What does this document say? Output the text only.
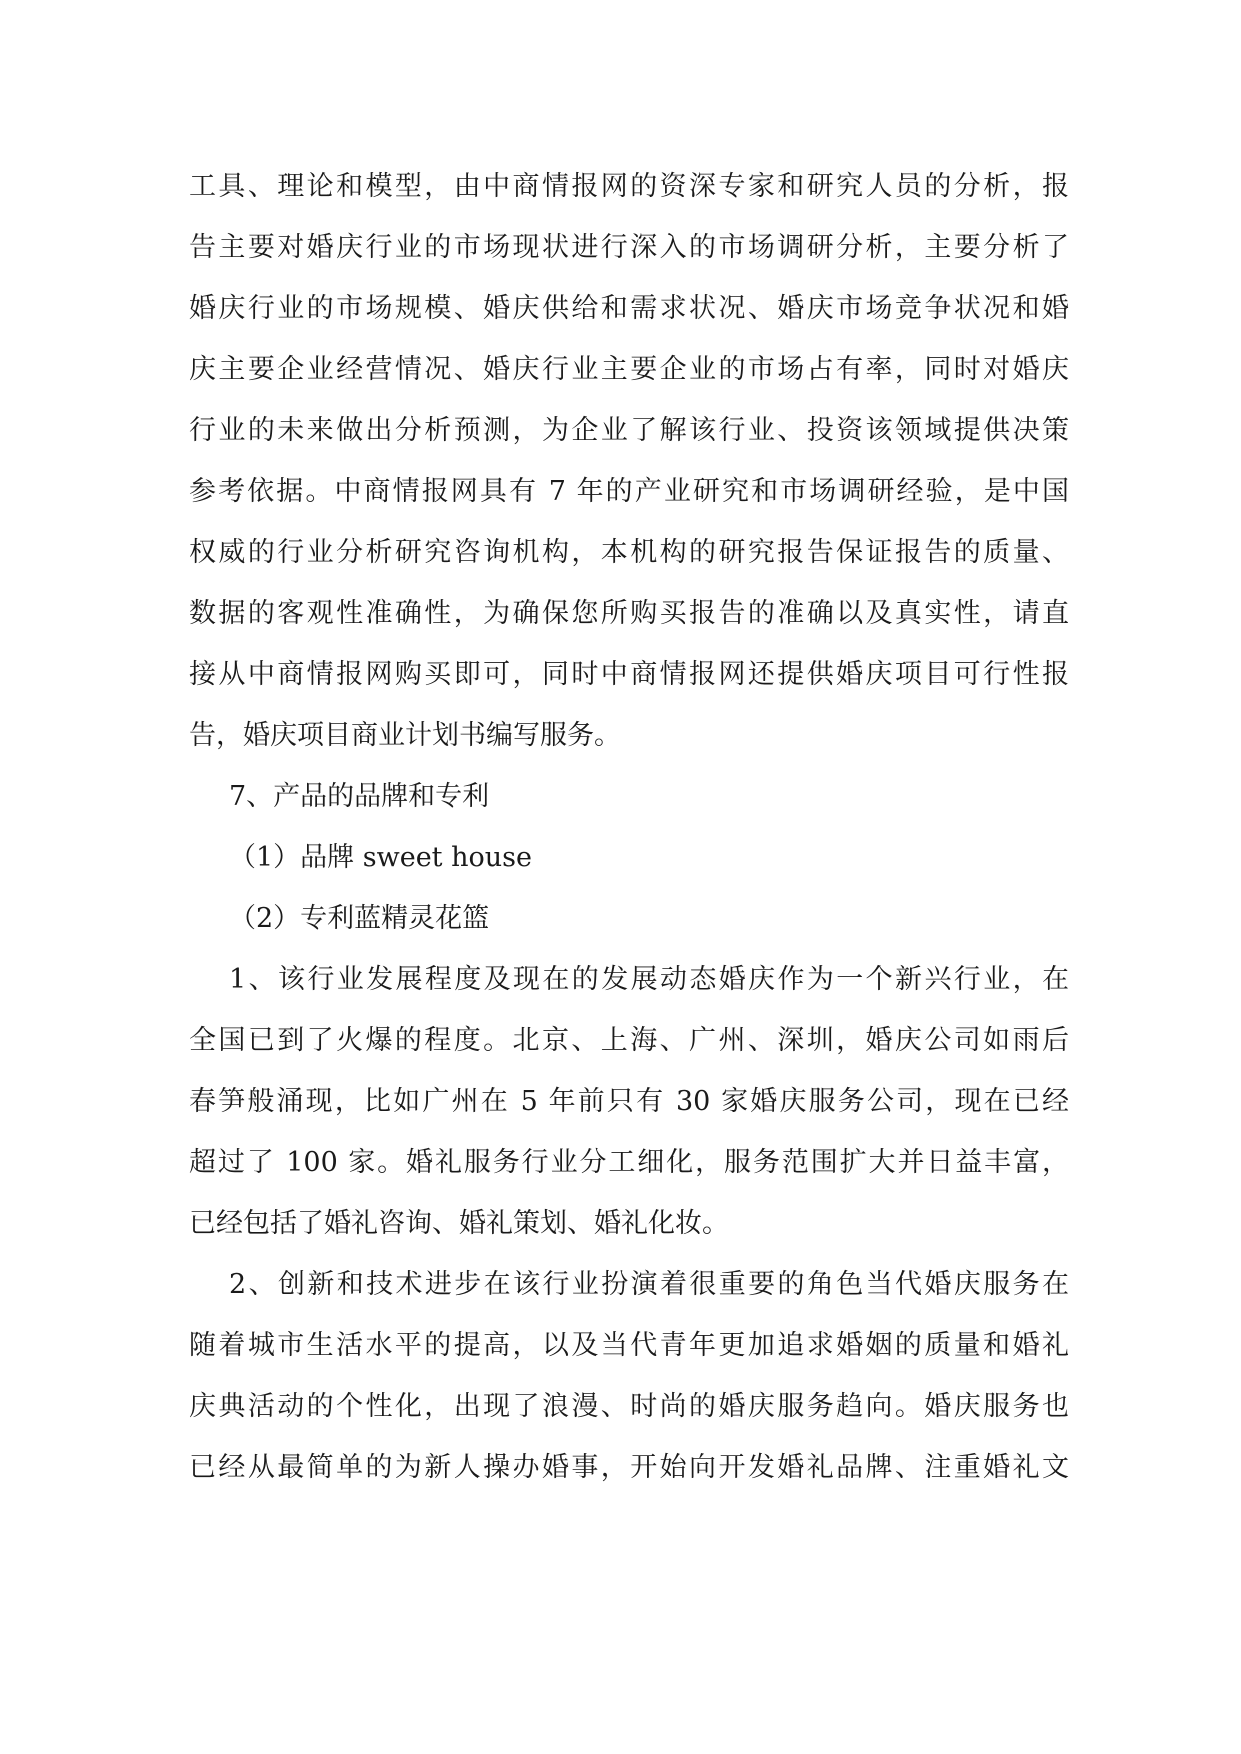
工具、理论和模型，由中商情报网的资深专家和研究人员的分析，报
告主要对婚庆行业的市场现状进行深入的市场调研分析，主要分析了
婚庆行业的市场规模、婚庆供给和需求状况、婚庆市场竞争状况和婚
庆主要企业经营情况、婚庆行业主要企业的市场占有率，同时对婚庆
行业的未来做出分析预测，为企业了解该行业、投资该领域提供决策
参考依据。中商情报网具有 7 年的产业研究和市场调研经验，是中国
权威的行业分析研究咨询机构，本机构的研究报告保证报告的质量、
数据的客观性准确性，为确保您所购买报告的准确以及真实性，请直
接从中商情报网购买即可，同时中商情报网还提供婚庆项目可行性报
告，婚庆项目商业计划书编写服务。
7、产品的品牌和专利
（1）品牌 sweet house
（2）专利蓝精灵花篮
1、该行业发展程度及现在的发展动态婚庆作为一个新兴行业，在
全国已到了火爆的程度。北京、上海、广州、深圳，婚庆公司如雨后
春笋般涌现，比如广州在 5 年前只有 30 家婚庆服务公司，现在已经
超过了 100 家。婚礼服务行业分工细化，服务范围扩大并日益丰富，
已经包括了婚礼咨询、婚礼策划、婚礼化妆。
2、创新和技术进步在该行业扮演着很重要的角色当代婚庆服务在
随着城市生活水平的提高，以及当代青年更加追求婚姻的质量和婚礼
庆典活动的个性化，出现了浪漫、时尚的婚庆服务趋向。婚庆服务也
已经从最简单的为新人操办婚事，开始向开发婚礼品牌、注重婚礼文
